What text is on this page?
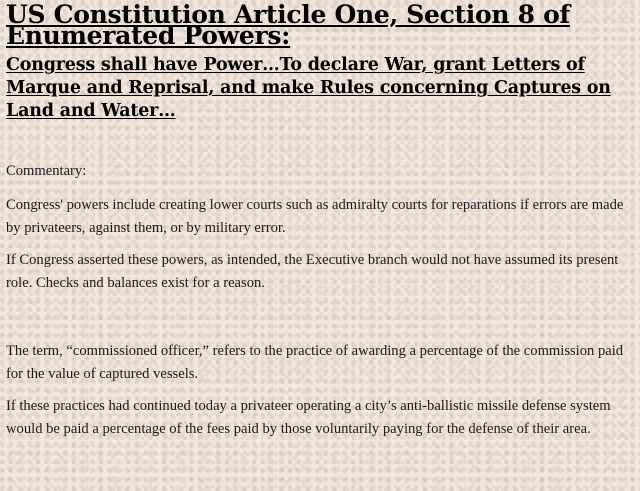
US Constitution Article One, Section 8 of Enumerated Powers:
Congress shall have Power…To declare War, grant Letters of Marque and Reprisal, and make Rules concerning Captures on Land and Water…

Commentary:

Congress' powers include creating lower courts such as admiralty courts for reparations if errors are made by privateers, against them, or by military error.

If Congress asserted these powers, as intended, the Executive branch would not have assumed its present role. Checks and balances exist for a reason.

The term, “commissioned officer,” refers to the practice of awarding a percentage of the commission paid for the value of captured vessels.

If these practices had continued today a privateer operating a city’s anti-ballistic missile defense system would be paid a percentage of the fees paid by those voluntarily paying for the defense of their area.
